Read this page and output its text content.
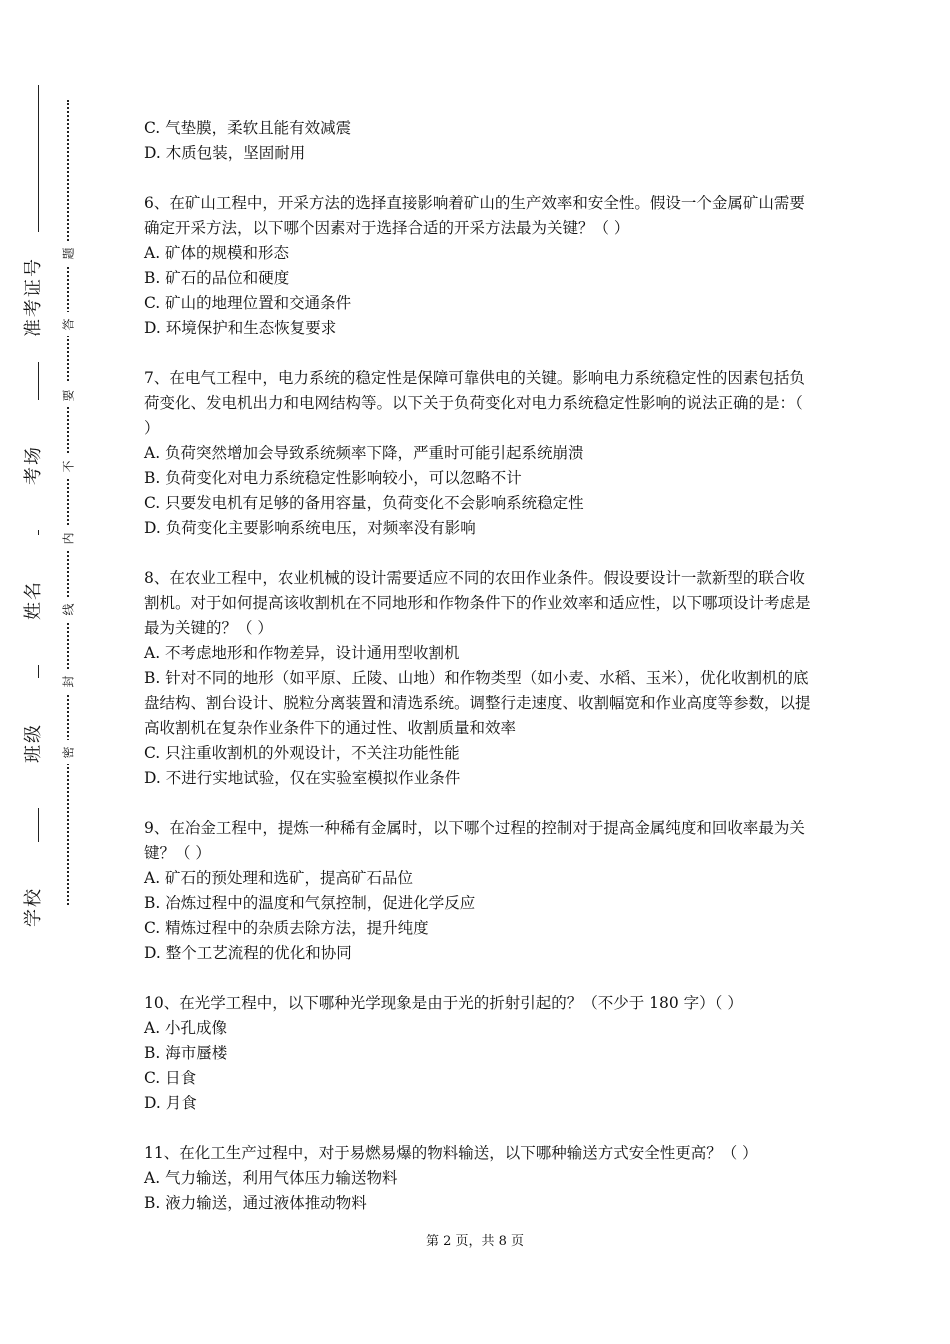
准考证号
考场
姓名
班级
学校
题
答
要
不
内
线
封
密

C. 气垫膜，柔软且能有效减震

D. 木质包装，坚固耐用

6、在矿山工程中，开采方法的选择直接影响着矿山的生产效率和安全性。假设一个金属矿山需要确定开采方法，以下哪个因素对于选择合适的开采方法最为关键？（ ）

A. 矿体的规模和形态

B. 矿石的品位和硬度

C. 矿山的地理位置和交通条件

D. 环境保护和生态恢复要求

7、在电气工程中，电力系统的稳定性是保障可靠供电的关键。影响电力系统稳定性的因素包括负荷变化、发电机出力和电网结构等。以下关于负荷变化对电力系统稳定性影响的说法正确的是：（ ）

A. 负荷突然增加会导致系统频率下降，严重时可能引起系统崩溃

B. 负荷变化对电力系统稳定性影响较小，可以忽略不计

C. 只要发电机有足够的备用容量，负荷变化不会影响系统稳定性

D. 负荷变化主要影响系统电压，对频率没有影响

8、在农业工程中，农业机械的设计需要适应不同的农田作业条件。假设要设计一款新型的联合收割机。对于如何提高该收割机在不同地形和作物条件下的作业效率和适应性，以下哪项设计考虑是最为关键的？（ ）

A. 不考虑地形和作物差异，设计通用型收割机

B. 针对不同的地形（如平原、丘陵、山地）和作物类型（如小麦、水稻、玉米），优化收割机的底盘结构、割台设计、脱粒分离装置和清选系统。调整行走速度、收割幅宽和作业高度等参数，以提高收割机在复杂作业条件下的通过性、收割质量和效率

C. 只注重收割机的外观设计，不关注功能性能

D. 不进行实地试验，仅在实验室模拟作业条件

9、在冶金工程中，提炼一种稀有金属时，以下哪个过程的控制对于提高金属纯度和回收率最为关键？（ ）

A. 矿石的预处理和选矿，提高矿石品位

B. 冶炼过程中的温度和气氛控制，促进化学反应

C. 精炼过程中的杂质去除方法，提升纯度

D. 整个工艺流程的优化和协同

10、在光学工程中，以下哪种光学现象是由于光的折射引起的？（不少于 180 字）（ ）

A. 小孔成像

B. 海市蜃楼

C. 日食

D. 月食

11、在化工生产过程中，对于易燃易爆的物料输送，以下哪种输送方式安全性更高？（ ）

A. 气力输送，利用气体压力输送物料

B. 液力输送，通过液体推动物料

第 2 页，共 8 页
